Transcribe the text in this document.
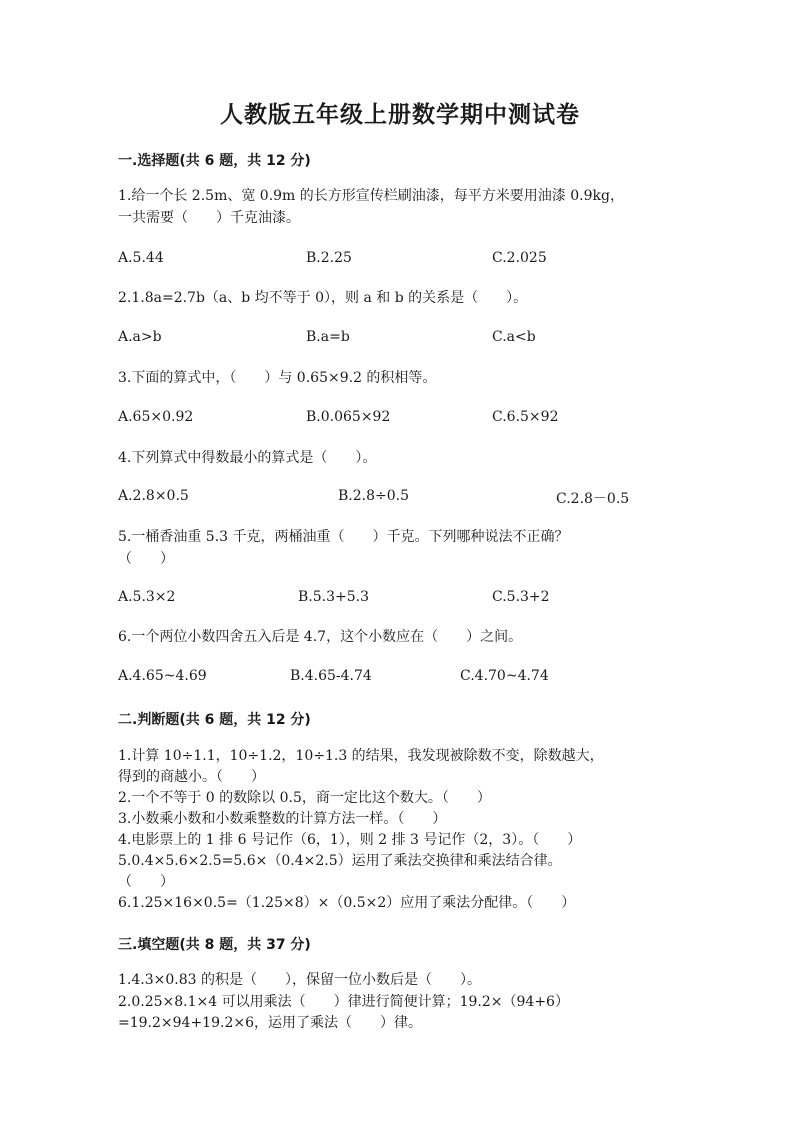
人教版五年级上册数学期中测试卷
一.选择题(共 6 题，共 12 分)
1.给一个长 2.5m、宽 0.9m 的长方形宣传栏刷油漆，每平方米要用油漆 0.9kg，
一共需要（　　）千克油漆。
A.5.44	B.2.25	C.2.025
2.1.8a=2.7b（a、b 均不等于 0），则 a 和 b 的关系是（　　）。
A.a>b	B.a=b	C.a<b
3.下面的算式中，（　　）与 0.65×9.2 的积相等。
A.65×0.92	B.0.065×92	C.6.5×92
4.下列算式中得数最小的算式是（　　）。
A.2.8×0.5	B.2.8÷0.5	C.2.8－0.5
5.一桶香油重 5.3 千克，两桶油重（　　）千克。下列哪种说法不正确？
（　　）
A.5.3×2	B.5.3+5.3	C.5.3+2
6.一个两位小数四舍五入后是 4.7，这个小数应在（　　）之间。
A.4.65~4.69	B.4.65-4.74	C.4.70~4.74
二.判断题(共 6 题，共 12 分)
1.计算 10÷1.1，10÷1.2，10÷1.3 的结果，我发现被除数不变，除数越大，
得到的商越小。（　　）
2.一个不等于 0 的数除以 0.5，商一定比这个数大。（　　）
3.小数乘小数和小数乘整数的计算方法一样。（　　）
4.电影票上的 1 排 6 号记作（6，1），则 2 排 3 号记作（2，3）。（　　）
5.0.4×5.6×2.5=5.6×（0.4×2.5）运用了乘法交换律和乘法结合律。
（　　）
6.1.25×16×0.5=（1.25×8）×（0.5×2）应用了乘法分配律。（　　）
三.填空题(共 8 题，共 37 分)
1.4.3×0.83 的积是（　　），保留一位小数后是（　　）。
2.0.25×8.1×4 可以用乘法（　　）律进行简便计算；19.2×（94+6）
=19.2×94+19.2×6，运用了乘法（　　）律。
